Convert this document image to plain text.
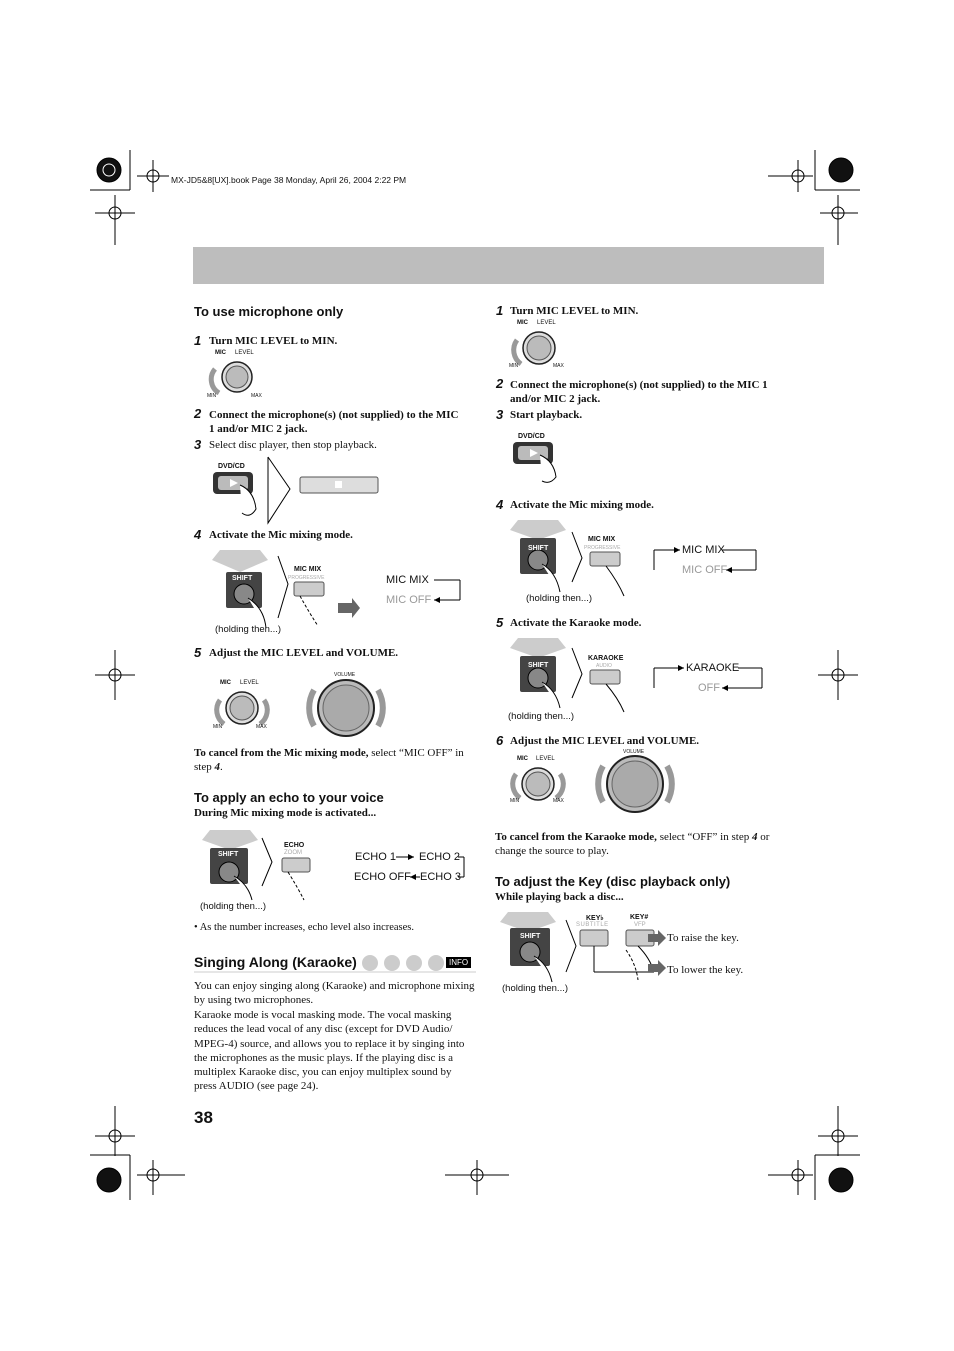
MX-JD5&8[UX].book Page 38 Monday, April 26, 2004 2:22 PM
To use microphone only
1 Turn MIC LEVEL to MIN.
MIC LEVEL
MIN	MAX
2 Connect the microphone(s) (not supplied) to the MIC 1 and/or MIC 2 jack.
3 Select disc player, then stop playback.
DVD/CD
4 Activate the Mic mixing mode.
SHIFT
MIC MIX
PROGRESSIVE	MIC MIX
MIC OFF
(holding then...)
5 Adjust the MIC LEVEL and VOLUME.
MIC LEVEL
MIN	MAX
VOLUME
To cancel from the Mic mixing mode, select “MIC OFF” in step 4.
To apply an echo to your voice
During Mic mixing mode is activated...
SHIFT
ECHO
ZOOM	ECHO 1 ECHO 2
ECHO OFF ECHO 3
(holding then...)
• As the number increases, echo level also increases.
Singing Along (Karaoke)	INFO
You can enjoy singing along (Karaoke) and microphone mixing by using two microphones.
Karaoke mode is vocal masking mode. The vocal masking reduces the lead vocal of any disc (except for DVD Audio/ MPEG-4) source, and allows you to replace it by singing into the microphones as the music plays. If the playing disc is a multiplex Karaoke disc, you can enjoy multiplex sound by press AUDIO (see page 24).
38
1 Turn MIC LEVEL to MIN.
MIC LEVEL
MIN	MAX
2 Connect the microphone(s) (not supplied) to the MIC 1 and/or MIC 2 jack.
3 Start playback.
DVD/CD
4 Activate the Mic mixing mode.
SHIFT
MIC MIX
PROGRESSIVE	MIC MIX
MIC OFF
(holding then...)
5 Activate the Karaoke mode.
SHIFT
KARAOKE
AUDIO	KARAOKE
OFF
(holding then...)
6 Adjust the MIC LEVEL and VOLUME.
MIC LEVEL
MIN	MAX
VOLUME
To cancel from the Karaoke mode, select “OFF” in step 4 or change the source to play.
To adjust the Key (disc playback only)
While playing back a disc...
SHIFT
KEY♭
SUBTITLE
KEY#
VFP
To raise the key.
To lower the key.
(holding then...)
